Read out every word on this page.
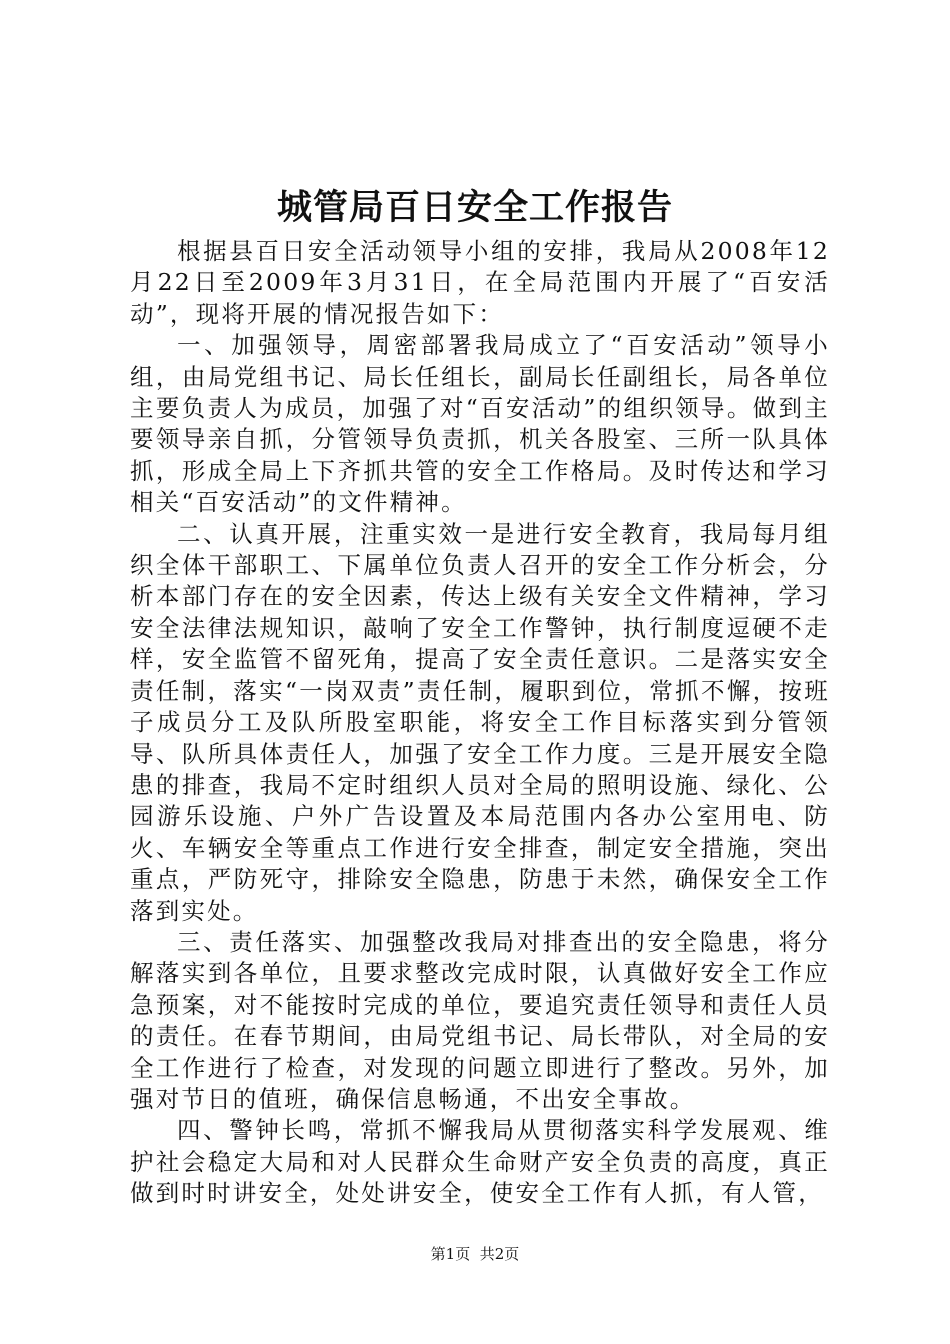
城管局百日安全工作报告

根据县百日安全活动领导小组的安排，我局从2008年12月22日至2009年3月31日，在全局范围内开展了“百安活动”，现将开展的情况报告如下：

一、加强领导，周密部署我局成立了“百安活动”领导小组，由局党组书记、局长任组长，副局长任副组长，局各单位主要负责人为成员，加强了对“百安活动”的组织领导。做到主要领导亲自抓，分管领导负责抓，机关各股室、三所一队具体抓，形成全局上下齐抓共管的安全工作格局。及时传达和学习相关“百安活动”的文件精神。

二、认真开展，注重实效一是进行安全教育，我局每月组织全体干部职工、下属单位负责人召开的安全工作分析会，分析本部门存在的安全因素，传达上级有关安全文件精神，学习安全法律法规知识，敲响了安全工作警钟，执行制度逗硬不走样，安全监管不留死角，提高了安全责任意识。二是落实安全责任制，落实“一岗双责”责任制，履职到位，常抓不懈，按班子成员分工及队所股室职能，将安全工作目标落实到分管领导、队所具体责任人，加强了安全工作力度。三是开展安全隐患的排查，我局不定时组织人员对全局的照明设施、绿化、公园游乐设施、户外广告设置及本局范围内各办公室用电、防火、车辆安全等重点工作进行安全排查，制定安全措施，突出重点，严防死守，排除安全隐患，防患于未然，确保安全工作落到实处。

三、责任落实、加强整改我局对排查出的安全隐患，将分解落实到各单位，且要求整改完成时限，认真做好安全工作应急预案，对不能按时完成的单位，要追究责任领导和责任人员的责任。在春节期间，由局党组书记、局长带队，对全局的安全工作进行了检查，对发现的问题立即进行了整改。另外，加强对节日的值班，确保信息畅通，不出安全事故。

四、警钟长鸣，常抓不懈我局从贯彻落实科学发展观、维护社会稳定大局和对人民群众生命财产安全负责的高度，真正做到时时讲安全，处处讲安全，使安全工作有人抓，有人管，

第1页 共2页
